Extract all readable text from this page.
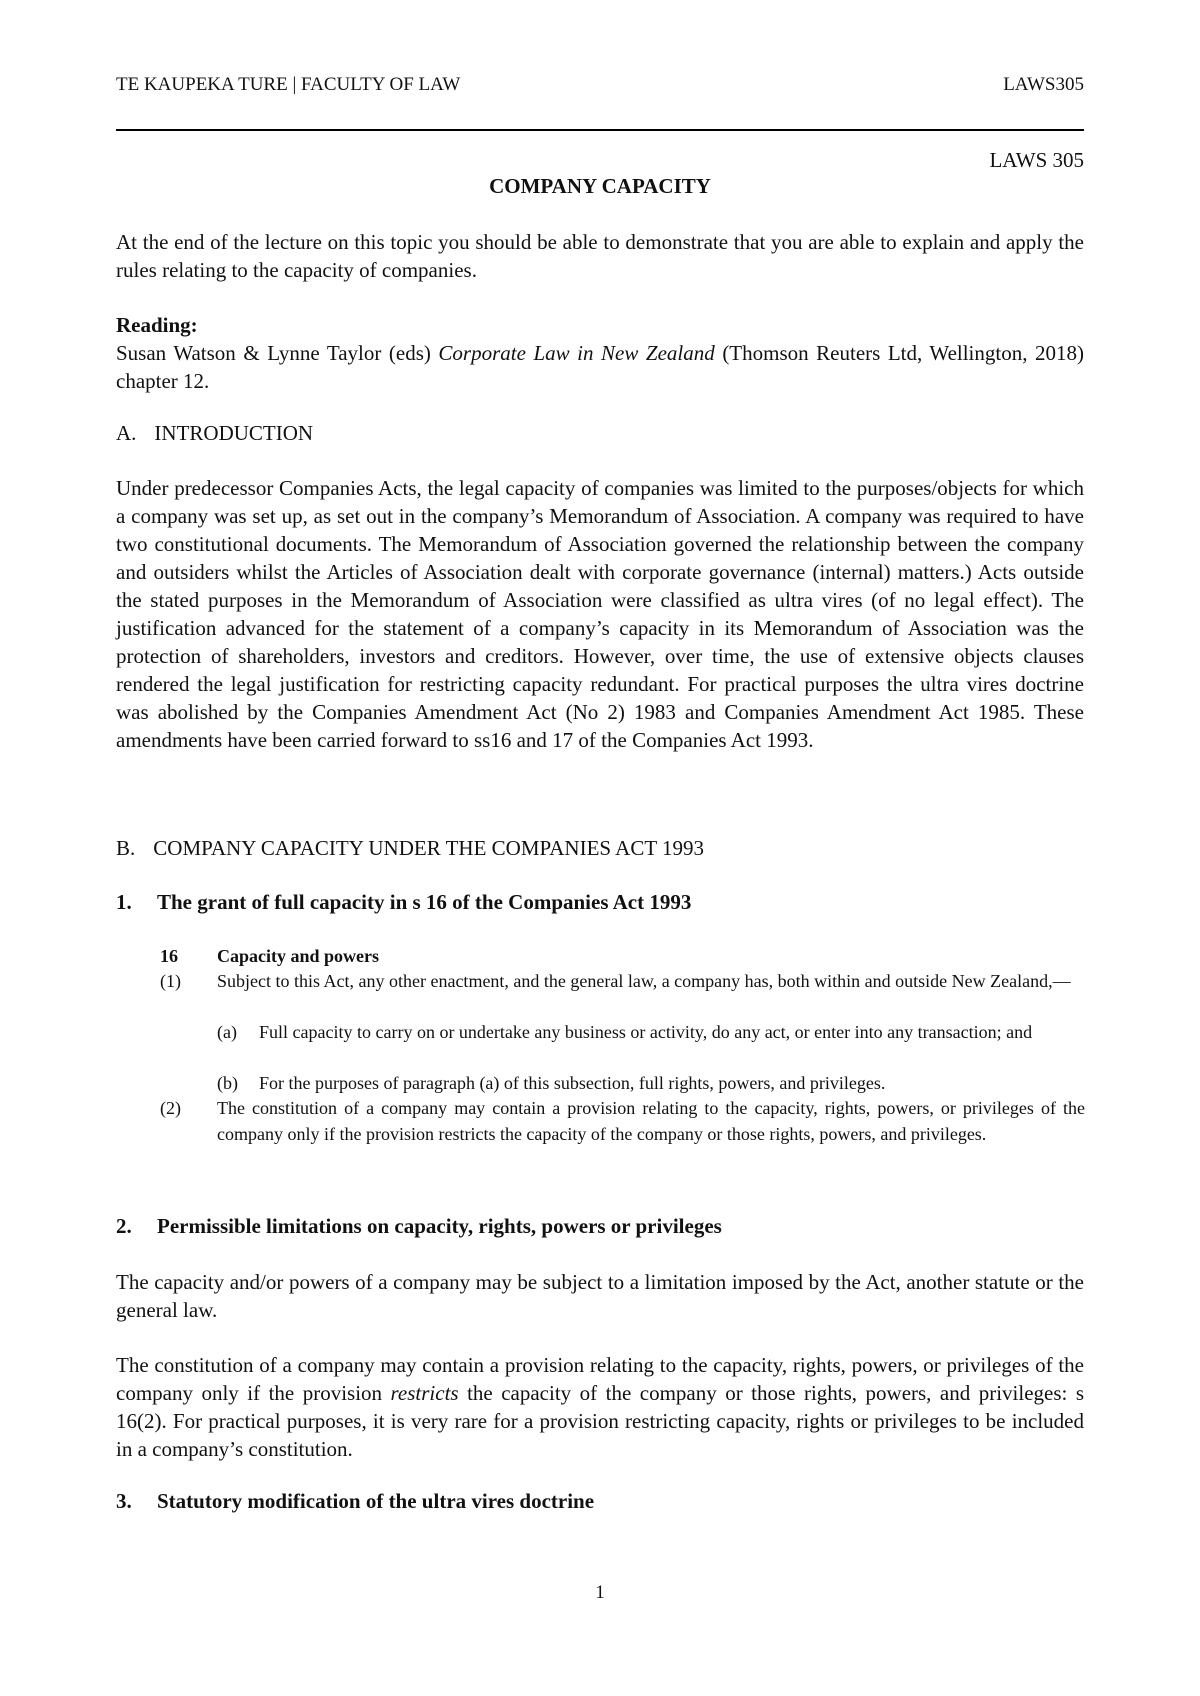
TE KAUPEKA TURE | FACULTY OF LAW	LAWS305
LAWS 305
COMPANY CAPACITY

At the end of the lecture on this topic you should be able to demonstrate that you are able to explain and apply the rules relating to the capacity of companies.

Reading:

Susan Watson & Lynne Taylor (eds) Corporate Law in New Zealand (Thomson Reuters Ltd, Wellington, 2018) chapter 12.

A. INTRODUCTION

Under predecessor Companies Acts, the legal capacity of companies was limited to the purposes/objects for which a company was set up, as set out in the company’s Memorandum of Association. A company was required to have two constitutional documents. The Memorandum of Association governed the relationship between the company and outsiders whilst the Articles of Association dealt with corporate governance (internal) matters.) Acts outside the stated purposes in the Memorandum of Association were classified as ultra vires (of no legal effect). The justification advanced for the statement of a company’s capacity in its Memorandum of Association was the protection of shareholders, investors and creditors. However, over time, the use of extensive objects clauses rendered the legal justification for restricting capacity redundant. For practical purposes the ultra vires doctrine was abolished by the Companies Amendment Act (No 2) 1983 and Companies Amendment Act 1985. These amendments have been carried forward to ss16 and 17 of the Companies Act 1993.

B. COMPANY CAPACITY UNDER THE COMPANIES ACT 1993
1. The grant of full capacity in s 16 of the Companies Act 1993
16 Capacity and powers
(1) Subject to this Act, any other enactment, and the general law, a company has, both within and outside New Zealand,—

(a) Full capacity to carry on or undertake any business or activity, do any act, or enter into any transaction; and

(b) For the purposes of paragraph (a) of this subsection, full rights, powers, and privileges.

(2) The constitution of a company may contain a provision relating to the capacity, rights, powers, or privileges of the company only if the provision restricts the capacity of the company or those rights, powers, and privileges.

2. Permissible limitations on capacity, rights, powers or privileges

The capacity and/or powers of a company may be subject to a limitation imposed by the Act, another statute or the general law.

The constitution of a company may contain a provision relating to the capacity, rights, powers, or privileges of the company only if the provision restricts the capacity of the company or those rights, powers, and privileges: s 16(2). For practical purposes, it is very rare for a provision restricting capacity, rights or privileges to be included in a company’s constitution.

3. Statutory modification of the ultra vires doctrine
1
